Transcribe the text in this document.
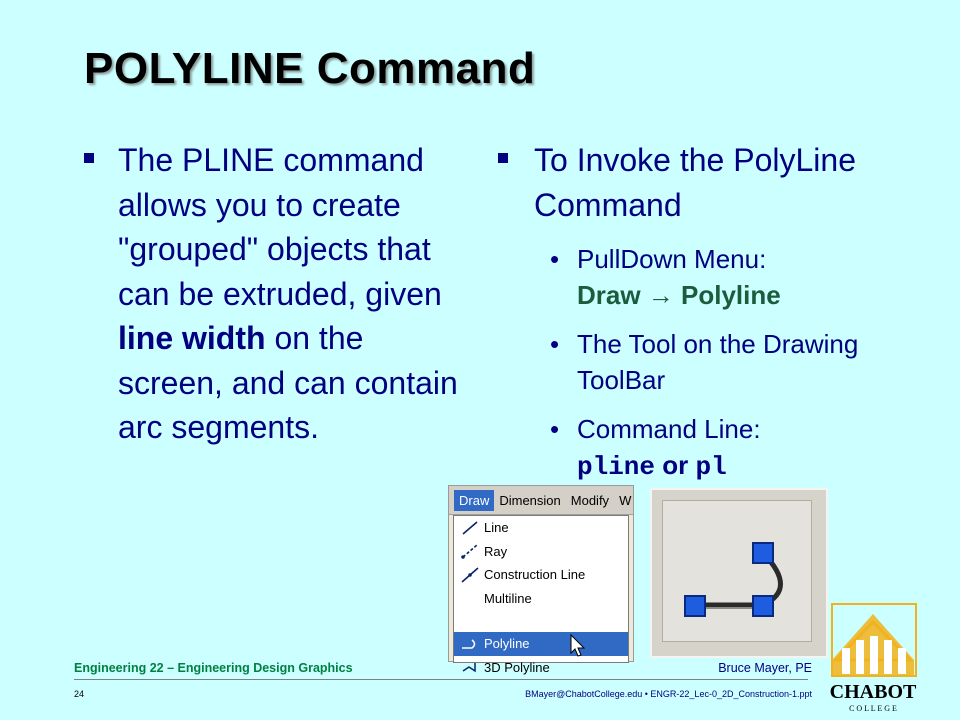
POLYLINE Command
The PLINE command allows you to create "grouped" objects that can be extruded, given line width on the screen, and can contain arc segments.
To Invoke the PolyLine Command
• PullDown Menu:
Draw → Polyline
• The Tool on the Drawing ToolBar
• Command Line:
pline or pl
Draw Dimension Modify W
Line
Ray
Construction Line
Multiline
Polyline
3D Polyline
CHABOT
C O L L E G E
Engineering 22 – Engineering Design Graphics	Bruce Mayer, PE
24	BMayer@ChabotCollege.edu • ENGR-22_Lec-0_2D_Construction-1.ppt
